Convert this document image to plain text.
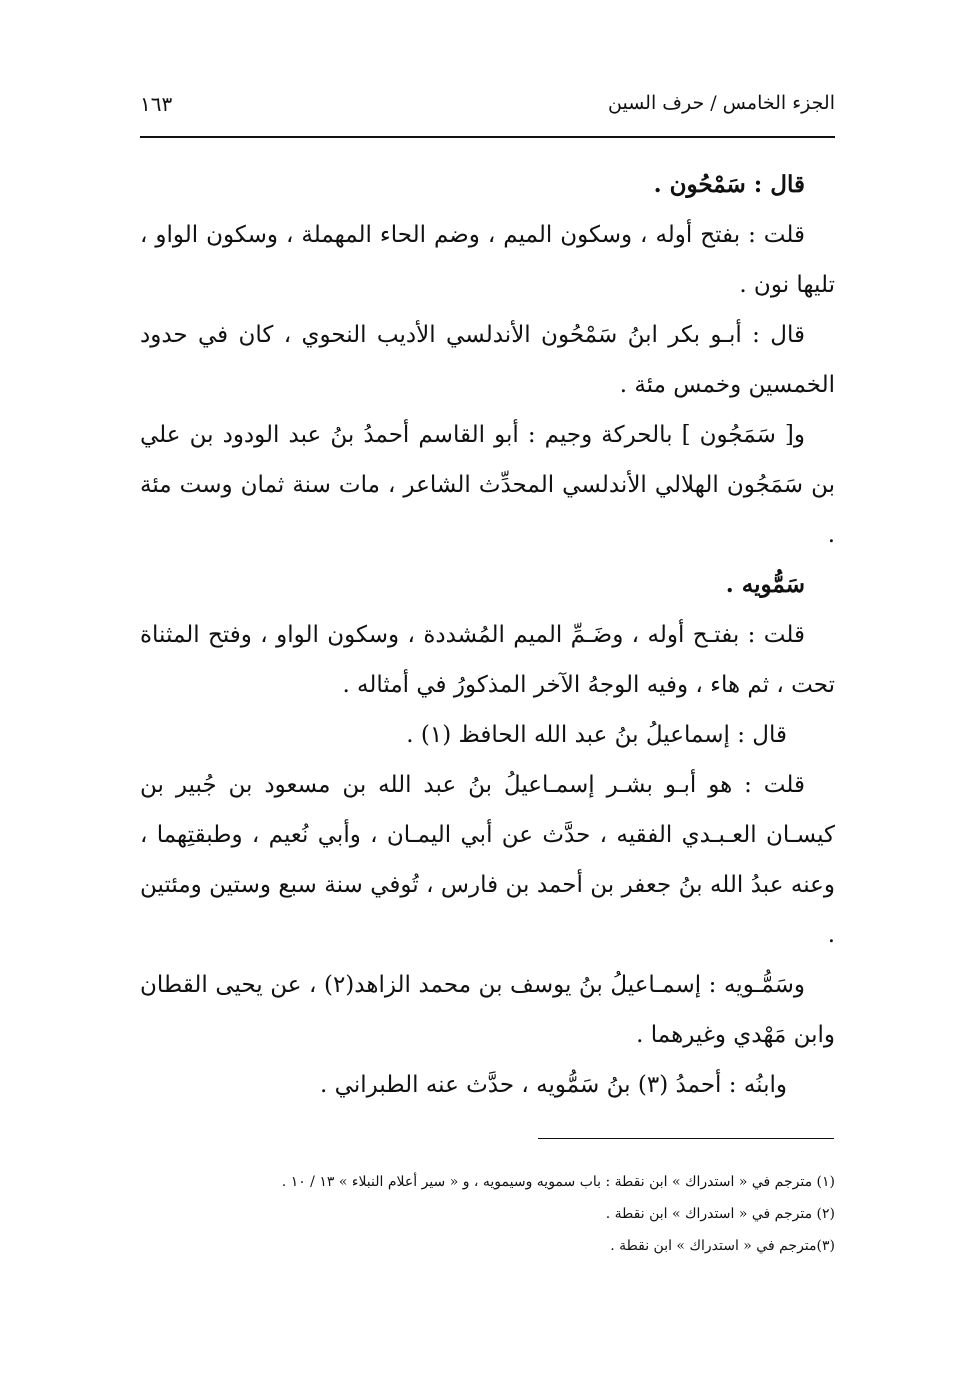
الجزء الخامس / حرف السين
١٦٣

قال : سَمْحُون .

قلت : بفتح أوله ، وسكون الميم ، وضم الحاء المهملة ، وسكون الواو ، تليها نون .

قال : أبـو بكر ابنُ سَمْحُون الأندلسي الأديب النحوي ، كان في حدود الخمسين وخمس مئة .

و[ سَمَجُون ] بالحركة وجيم : أبو القاسم أحمدُ بنُ عبد الودود بن علي بن سَمَجُون الهلالي الأندلسي المحدِّث الشاعر ، مات سنة ثمان وست مئة .

سَمُّويه .

قلت : بفتـح أوله ، وضَـمِّ الميم المُشددة ، وسكون الواو ، وفتح المثناة تحت ، ثم هاء ، وفيه الوجهُ الآخر المذكورُ في أمثاله .

قال : إسماعيلُ بنُ عبد الله الحافظ (١) .

قلت : هو أبـو بشـر إسمـاعيلُ بنُ عبد الله بن مسعود بن جُبير بن كيسـان العـبـدي الفقيه ، حدَّث عن أبي اليمـان ، وأبي نُعيم ، وطبقتِهما ، وعنه عبدُ الله بنُ جعفر بن أحمد بن فارس ، تُوفي سنة سبع وستين ومئتين .

وسَمُّـويه : إسمـاعيلُ بنُ يوسف بن محمد الزاهد(٢) ، عن يحيى القطان وابن مَهْدي وغيرهما .

وابنُه : أحمدُ (٣) بنُ سَمُّويه ، حدَّث عنه الطبراني .

(١) مترجم في « استدراك » ابن نقطة : باب سمويه وسيمويه ، و « سير أعلام النبلاء » ١٣ / ١٠ .

(٢) مترجم في « استدراك » ابن نقطة .

(٣)مترجم في « استدراك » ابن نقطة .
